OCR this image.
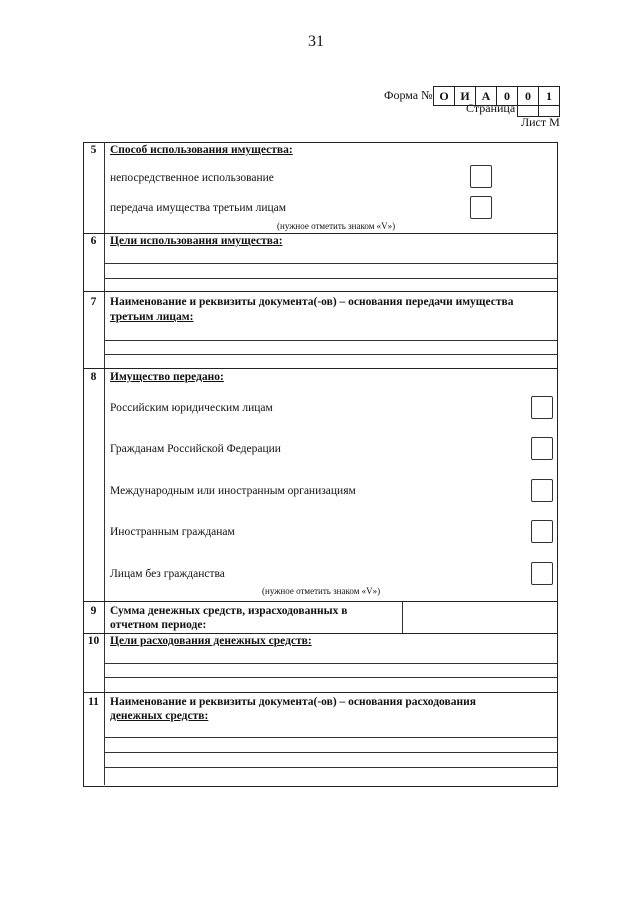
31
Форма № О И А	0	0	1
Страница
Лист М
5	Способ использования имущества:
непосредственное использование
передача имущества третьим лицам
(нужное отметить знаком «V»)
6	Цели использования имущества:
7	Наименование и реквизиты документа(-ов) – основания передачи имущества
третьим лицам:
8	Имущество передано:
Российским юридическим лицам
Гражданам Российской Федерации
Международным или иностранным организациям
Иностранным гражданам
Лицам без гражданства
(нужное отметить знаком «V»)
9	Сумма денежных средств, израсходованных в
отчетном периоде:
10 Цели расходования денежных средств:
11 Наименование и реквизиты документа(-ов) – основания расходования
денежных средств:
